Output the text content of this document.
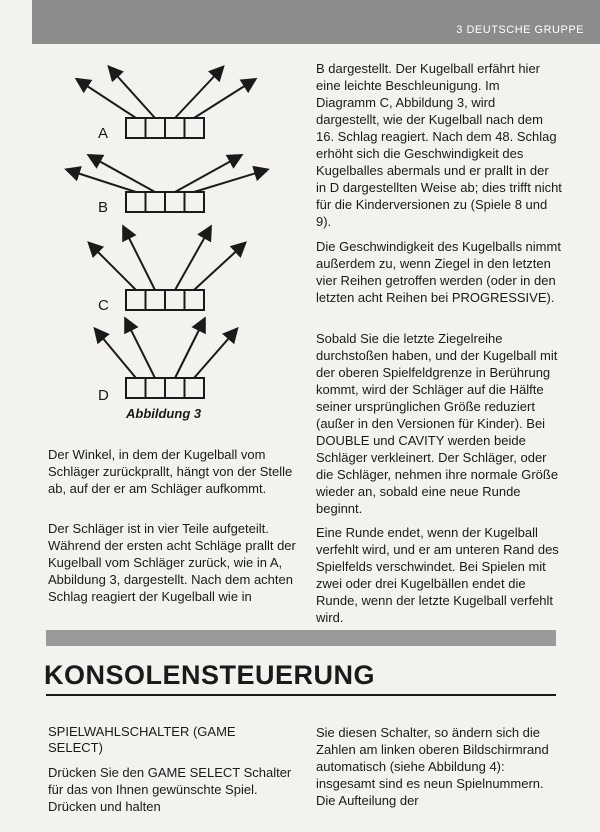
3 DEUTSCHE GRUPPE
A
B
C
D
Abbildung 3

Der Winkel, in dem der Kugelball vom Schläger zurückprallt, hängt von der Stelle ab, auf der er am Schläger aufkommt.

Der Schläger ist in vier Teile aufgeteilt. Während der ersten acht Schläge prallt der Kugelball vom Schläger zurück, wie in A, Abbildung 3, dargestellt. Nach dem achten Schlag reagiert der Kugelball wie in

B dargestellt. Der Kugelball erfährt hier eine leichte Beschleunigung. Im Diagramm C, Abbildung 3, wird dargestellt, wie der Kugelball nach dem 16. Schlag reagiert. Nach dem 48. Schlag erhöht sich die Geschwindigkeit des Kugelballes abermals und er prallt in der in D dargestellten Weise ab; dies trifft nicht für die Kinderversionen zu (Spiele 8 und 9).

Die Geschwindigkeit des Kugelballs nimmt außerdem zu, wenn Ziegel in den letzten vier Reihen getroffen werden (oder in den letzten acht Reihen bei PROGRESSIVE).

Sobald Sie die letzte Ziegelreihe durchstoßen haben, und der Kugelball mit der oberen Spielfeldgrenze in Berührung kommt, wird der Schläger auf die Hälfte seiner ursprünglichen Größe reduziert (außer in den Versionen für Kinder). Bei DOUBLE und CAVITY werden beide Schläger verkleinert. Der Schläger, oder die Schläger, nehmen ihre normale Größe wieder an, sobald eine neue Runde beginnt.

Eine Runde endet, wenn der Kugelball verfehlt wird, und er am unteren Rand des Spielfelds verschwindet. Bei Spielen mit zwei oder drei Kugelbällen endet die Runde, wenn der letzte Kugelball verfehlt wird.

KONSOLENSTEUERUNG
SPIELWAHLSCHALTER (GAME SELECT)

Drücken Sie den GAME SELECT Schalter für das von Ihnen gewünschte Spiel. Drücken und halten

Sie diesen Schalter, so ändern sich die Zahlen am linken oberen Bildschirmrand automatisch (siehe Abbildung 4): insgesamt sind es neun Spielnummern. Die Aufteilung der
